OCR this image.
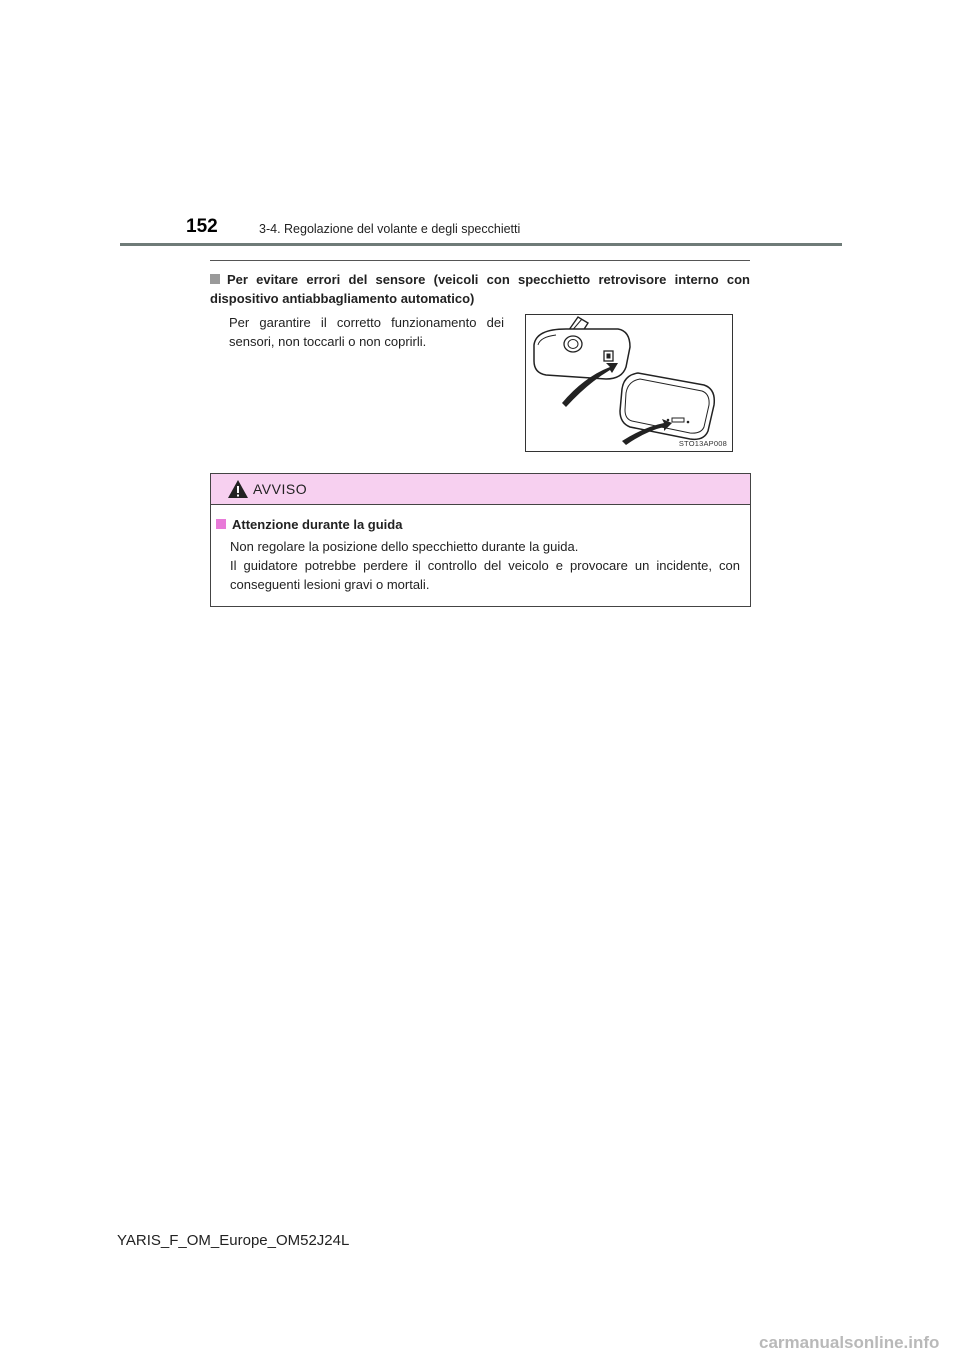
152	3-4. Regolazione del volante e degli specchietti
Per evitare errori del sensore (veicoli con specchietto retrovisore interno con dispositivo antiabbagliamento automatico)
Per garantire il corretto funzionamento dei sensori, non toccarli o non coprirli.
STO13AP008
AVVISO
Attenzione durante la guida

Non regolare la posizione dello specchietto durante la guida.

Il guidatore potrebbe perdere il controllo del veicolo e provocare un incidente, con conseguenti lesioni gravi o mortali.

YARIS_F_OM_Europe_OM52J24L
carmanualsonline.info
